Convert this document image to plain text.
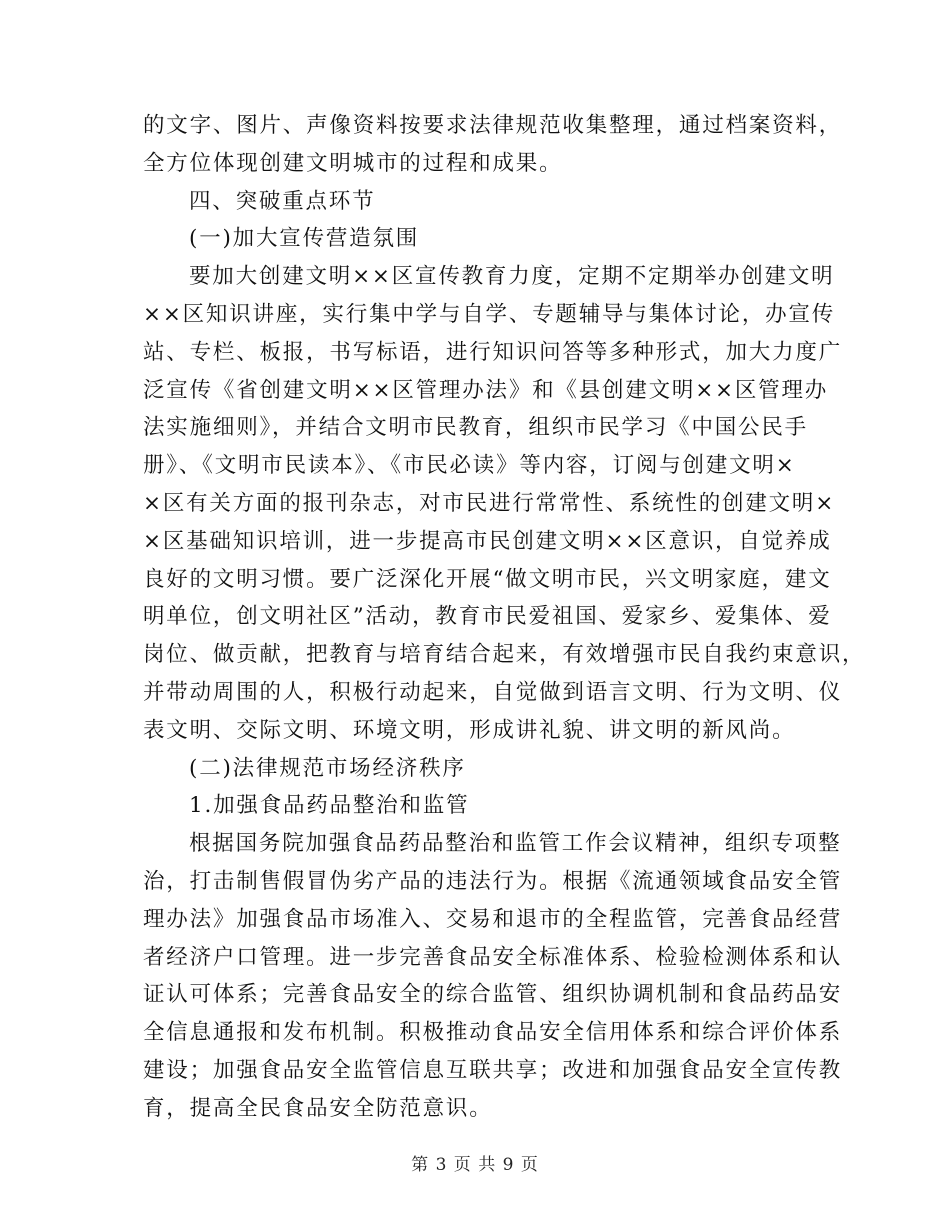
的文字、图片、声像资料按要求法律规范收集整理，通过档案资料，
全方位体现创建文明城市的过程和成果。
四、突破重点环节
(一)加大宣传营造氛围
要加大创建文明××区宣传教育力度，定期不定期举办创建文明
××区知识讲座，实行集中学与自学、专题辅导与集体讨论，办宣传
站、专栏、板报，书写标语，进行知识问答等多种形式，加大力度广
泛宣传《省创建文明××区管理办法》和《县创建文明××区管理办
法实施细则》，并结合文明市民教育，组织市民学习《中国公民手
册》、《文明市民读本》、《市民必读》等内容，订阅与创建文明×
×区有关方面的报刊杂志，对市民进行常常性、系统性的创建文明×
×区基础知识培训，进一步提高市民创建文明××区意识，自觉养成
良好的文明习惯。要广泛深化开展“做文明市民，兴文明家庭，建文
明单位，创文明社区”活动，教育市民爱祖国、爱家乡、爱集体、爱
岗位、做贡献，把教育与培育结合起来，有效增强市民自我约束意识，
并带动周围的人，积极行动起来，自觉做到语言文明、行为文明、仪
表文明、交际文明、环境文明，形成讲礼貌、讲文明的新风尚。
(二)法律规范市场经济秩序
1.加强食品药品整治和监管
根据国务院加强食品药品整治和监管工作会议精神，组织专项整
治，打击制售假冒伪劣产品的违法行为。根据《流通领域食品安全管
理办法》加强食品市场准入、交易和退市的全程监管，完善食品经营
者经济户口管理。进一步完善食品安全标准体系、检验检测体系和认
证认可体系；完善食品安全的综合监管、组织协调机制和食品药品安
全信息通报和发布机制。积极推动食品安全信用体系和综合评价体系
建设；加强食品安全监管信息互联共享；改进和加强食品安全宣传教
育，提高全民食品安全防范意识。
第 3 页 共 9 页
